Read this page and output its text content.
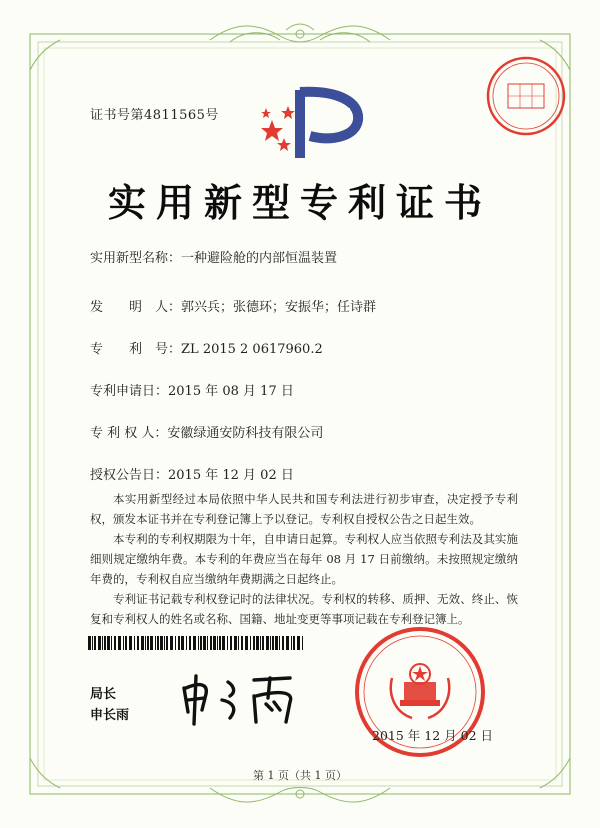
证书号第4811565号
实用新型专利证书
实用新型名称：一种避险舱的内部恒温装置
发　　明　人：郭兴兵；张德环；安振华；任诗群
专　　利　号：ZL 2015 2 0617960.2
专利申请日：2015 年 08 月 17 日
专 利 权 人：安徽绿通安防科技有限公司
授权公告日：2015 年 12 月 02 日

本实用新型经过本局依照中华人民共和国专利法进行初步审查，决定授予专利权，颁发本证书并在专利登记簿上予以登记。专利权自授权公告之日起生效。

本专利的专利权期限为十年，自申请日起算。专利权人应当依照专利法及其实施细则规定缴纳年费。本专利的年费应当在每年 08 月 17 日前缴纳。未按照规定缴纳年费的，专利权自应当缴纳年费期满之日起终止。

专利证书记载专利权登记时的法律状况。专利权的转移、质押、无效、终止、恢复和专利权人的姓名或名称、国籍、地址变更等事项记载在专利登记簿上。

局长
申长雨
2015 年 12 月 02 日
第 1 页（共 1 页）
